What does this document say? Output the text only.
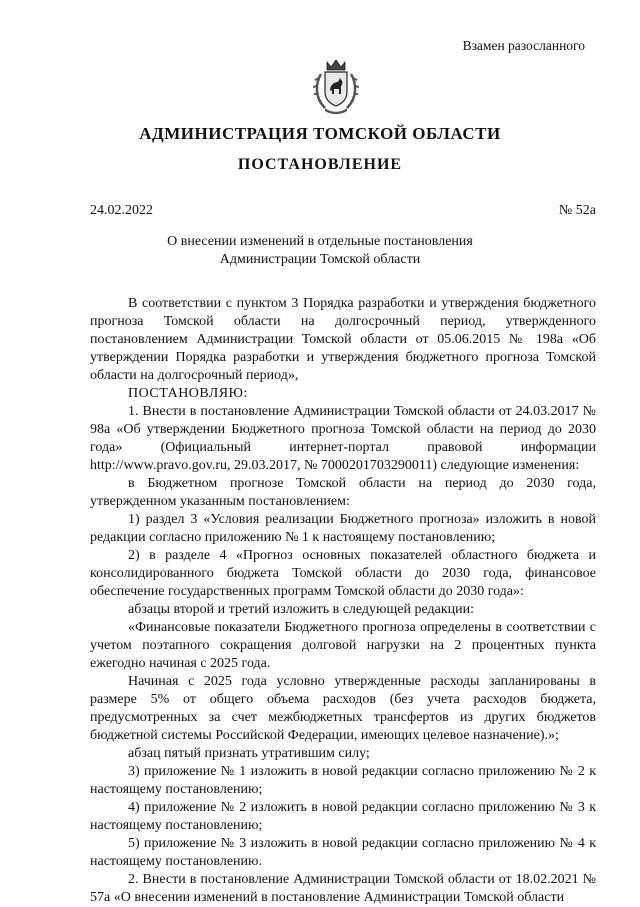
Взамен разосланного
АДМИНИСТРАЦИЯ ТОМСКОЙ ОБЛАСТИ
ПОСТАНОВЛЕНИЕ
24.02.2022	№ 52а
О внесении изменений в отдельные постановления
Администрации Томской области

В соответствии с пунктом 3 Порядка разработки и утверждения бюджетного прогноза Томской области на долгосрочный период, утвержденного постановлением Администрации Томской области от 05.06.2015 № 198а «Об утверждении Порядка разработки и утверждения бюджетного прогноза Томской области на долгосрочный период»,

ПОСТАНОВЛЯЮ:

1. Внести в постановление Администрации Томской области от 24.03.2017 № 98а «Об утверждении Бюджетного прогноза Томской области на период до 2030 года» (Официальный интернет-портал правовой информации http://www.pravo.gov.ru, 29.03.2017, № 7000201703290011) следующие изменения:

в Бюджетном прогнозе Томской области на период до 2030 года, утвержденном указанным постановлением:

1) раздел 3 «Условия реализации Бюджетного прогноза» изложить в новой редакции согласно приложению № 1 к настоящему постановлению;

2) в разделе 4 «Прогноз основных показателей областного бюджета и консолидированного бюджета Томской области до 2030 года, финансовое обеспечение государственных программ Томской области до 2030 года»:

абзацы второй и третий изложить в следующей редакции:

«Финансовые показатели Бюджетного прогноза определены в соответствии с учетом поэтапного сокращения долговой нагрузки на 2 процентных пункта ежегодно начиная с 2025 года.

Начиная с 2025 года условно утвержденные расходы запланированы в размере 5% от общего объема расходов (без учета расходов бюджета, предусмотренных за счет межбюджетных трансфертов из других бюджетов бюджетной системы Российской Федерации, имеющих целевое назначение).»;

абзац пятый признать утратившим силу;

3) приложение № 1 изложить в новой редакции согласно приложению № 2 к настоящему постановлению;

4) приложение № 2 изложить в новой редакции согласно приложению № 3 к настоящему постановлению;

5) приложение № 3 изложить в новой редакции согласно приложению № 4 к настоящему постановлению.

2. Внести в постановление Администрации Томской области от 18.02.2021 № 57а «О внесении изменений в постановление Администрации Томской области
